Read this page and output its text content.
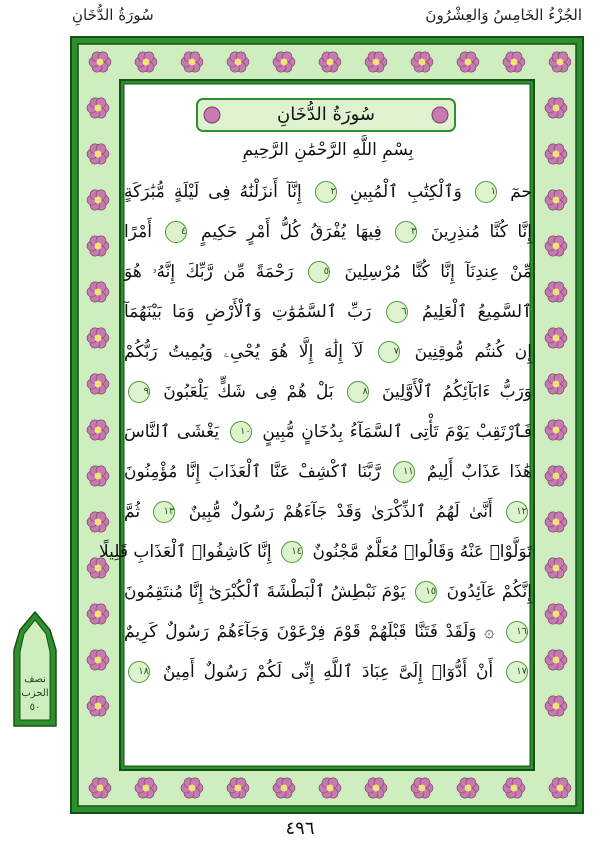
الجُزْءُ الخَامِسُ وَالعِشْرُونَ
سُورَةُ الدُّخَانِ
سُورَةُ الدُّخَانِ
بِسْمِ اللَّهِ الرَّحْمَٰنِ الرَّحِيمِ
حمٓ ١ وَٱلْكِتَٰبِ ٱلْمُبِينِ ٢ إِنَّآ أَنزَلْنَٰهُ فِى لَيْلَةٍ مُّبَٰرَكَةٍ
إِنَّا كُنَّا مُنذِرِينَ ٣ فِيهَا يُفْرَقُ كُلُّ أَمْرٍ حَكِيمٍ ٤ أَمْرًا
مِّنْ عِندِنَآ إِنَّا كُنَّا مُرْسِلِينَ ٥ رَحْمَةً مِّن رَّبِّكَ إِنَّهُۥ هُوَ
ٱلسَّمِيعُ ٱلْعَلِيمُ ٦ رَبِّ ٱلسَّمَٰوَٰتِ وَٱلْأَرْضِ وَمَا بَيْنَهُمَآ
إِن كُنتُم مُّوقِنِينَ ٧ لَآ إِلَٰهَ إِلَّا هُوَ يُحْىِۦ وَيُمِيتُ رَبُّكُمْ
وَرَبُّ ءَابَآئِكُمُ ٱلْأَوَّلِينَ ٨ بَلْ هُمْ فِى شَكٍّ يَلْعَبُونَ ٩
فَٱرْتَقِبْ يَوْمَ تَأْتِى ٱلسَّمَآءُ بِدُخَانٍ مُّبِينٍ ١٠ يَغْشَى ٱلنَّاسَ
هَٰذَا عَذَابٌ أَلِيمٌ ١١ رَّبَّنَا ٱكْشِفْ عَنَّا ٱلْعَذَابَ إِنَّا مُؤْمِنُونَ
١٢ أَنَّىٰ لَهُمُ ٱلذِّكْرَىٰ وَقَدْ جَآءَهُمْ رَسُولٌ مُّبِينٌ ١٣ ثُمَّ
تَوَلَّوْا۟ عَنْهُ وَقَالُوا۟ مُعَلَّمٌ مَّجْنُونٌ ١٤ إِنَّا كَاشِفُوا۟ ٱلْعَذَابِ قَلِيلًا
إِنَّكُمْ عَآئِدُونَ ١٥ يَوْمَ نَبْطِشُ ٱلْبَطْشَةَ ٱلْكُبْرَىٰٓ إِنَّا مُنتَقِمُونَ
١٦ ۞ وَلَقَدْ فَتَنَّا قَبْلَهُمْ قَوْمَ فِرْعَوْنَ وَجَآءَهُمْ رَسُولٌ كَرِيمٌ
١٧ أَنْ أَدُّوٓا۟ إِلَىَّ عِبَادَ ٱللَّهِ إِنِّى لَكُمْ رَسُولٌ أَمِينٌ ١٨
نصف
الحزب
٥٠
٤٩٦
